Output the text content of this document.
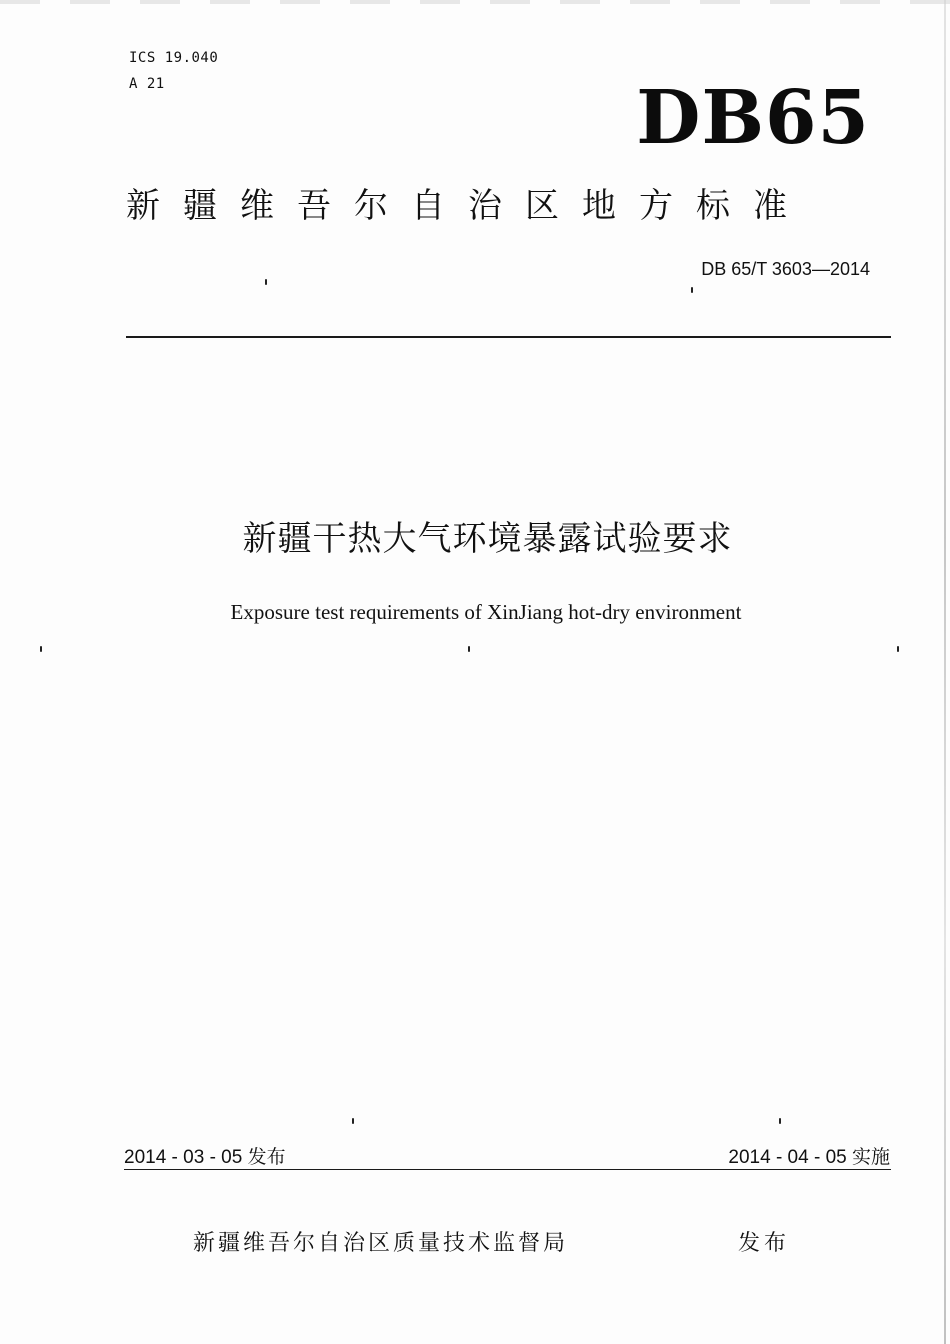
ICS 19.040
A 21	DB65
新疆维吾尔自治区地方标准
DB 65/T 3603—2014
新疆干热大气环境暴露试验要求
Exposure test requirements of XinJiang hot-dry environment
2014 - 03 - 05 发布	2014 - 04 - 05 实施
新疆维吾尔自治区质量技术监督局	发布
